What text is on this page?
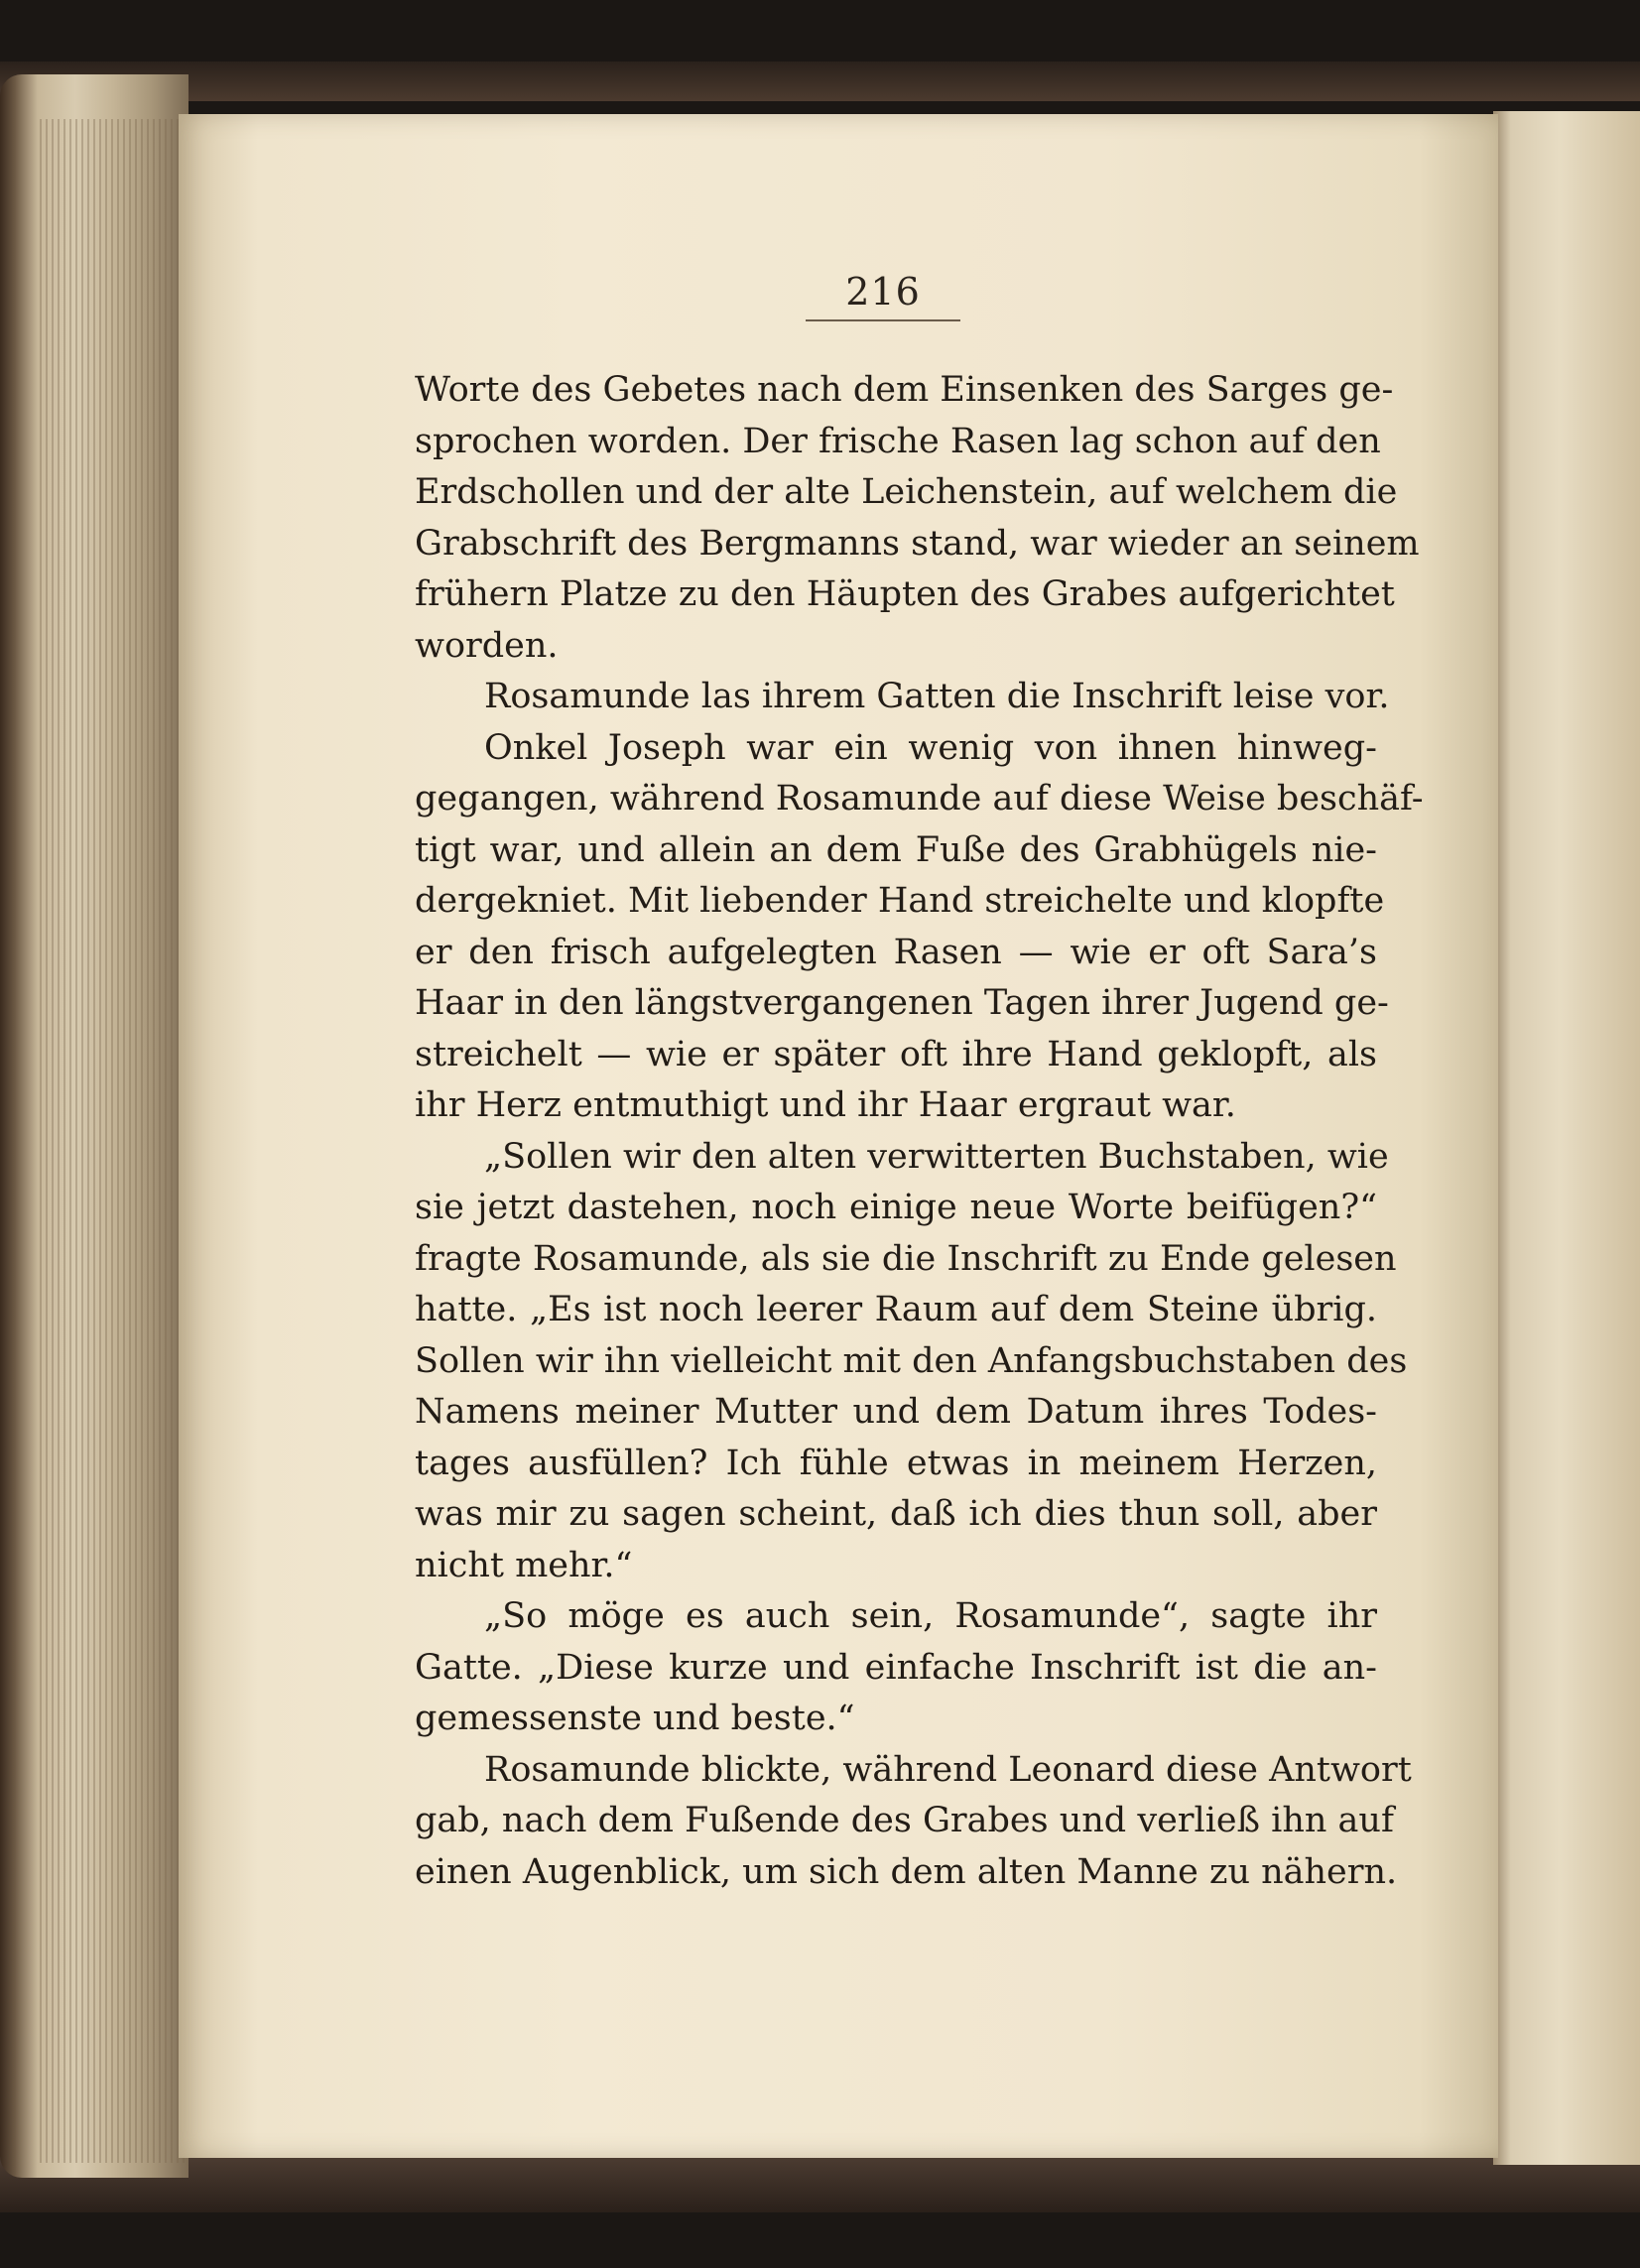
216
Worte des Gebetes nach dem Einsenken des Sarges ge-
sprochen worden. Der frische Rasen lag schon auf den
Erdschollen und der alte Leichenstein, auf welchem die
Grabschrift des Bergmanns stand, war wieder an seinem
frühern Platze zu den Häupten des Grabes aufgerichtet
worden.
Rosamunde las ihrem Gatten die Inschrift leise vor.
Onkel Joseph war ein wenig von ihnen hinweg-
gegangen, während Rosamunde auf diese Weise beschäf-
tigt war, und allein an dem Fuße des Grabhügels nie-
dergekniet. Mit liebender Hand streichelte und klopfte
er den frisch aufgelegten Rasen — wie er oft Sara’s
Haar in den längstvergangenen Tagen ihrer Jugend ge-
streichelt — wie er später oft ihre Hand geklopft, als
ihr Herz entmuthigt und ihr Haar ergraut war.
„Sollen wir den alten verwitterten Buchstaben, wie
sie jetzt dastehen, noch einige neue Worte beifügen?“
fragte Rosamunde, als sie die Inschrift zu Ende gelesen
hatte. „Es ist noch leerer Raum auf dem Steine übrig.
Sollen wir ihn vielleicht mit den Anfangsbuchstaben des
Namens meiner Mutter und dem Datum ihres Todes-
tages ausfüllen? Ich fühle etwas in meinem Herzen,
was mir zu sagen scheint, daß ich dies thun soll, aber
nicht mehr.“
„So möge es auch sein, Rosamunde“, sagte ihr
Gatte. „Diese kurze und einfache Inschrift ist die an-
gemessenste und beste.“
Rosamunde blickte, während Leonard diese Antwort
gab, nach dem Fußende des Grabes und verließ ihn auf
einen Augenblick, um sich dem alten Manne zu nähern.
